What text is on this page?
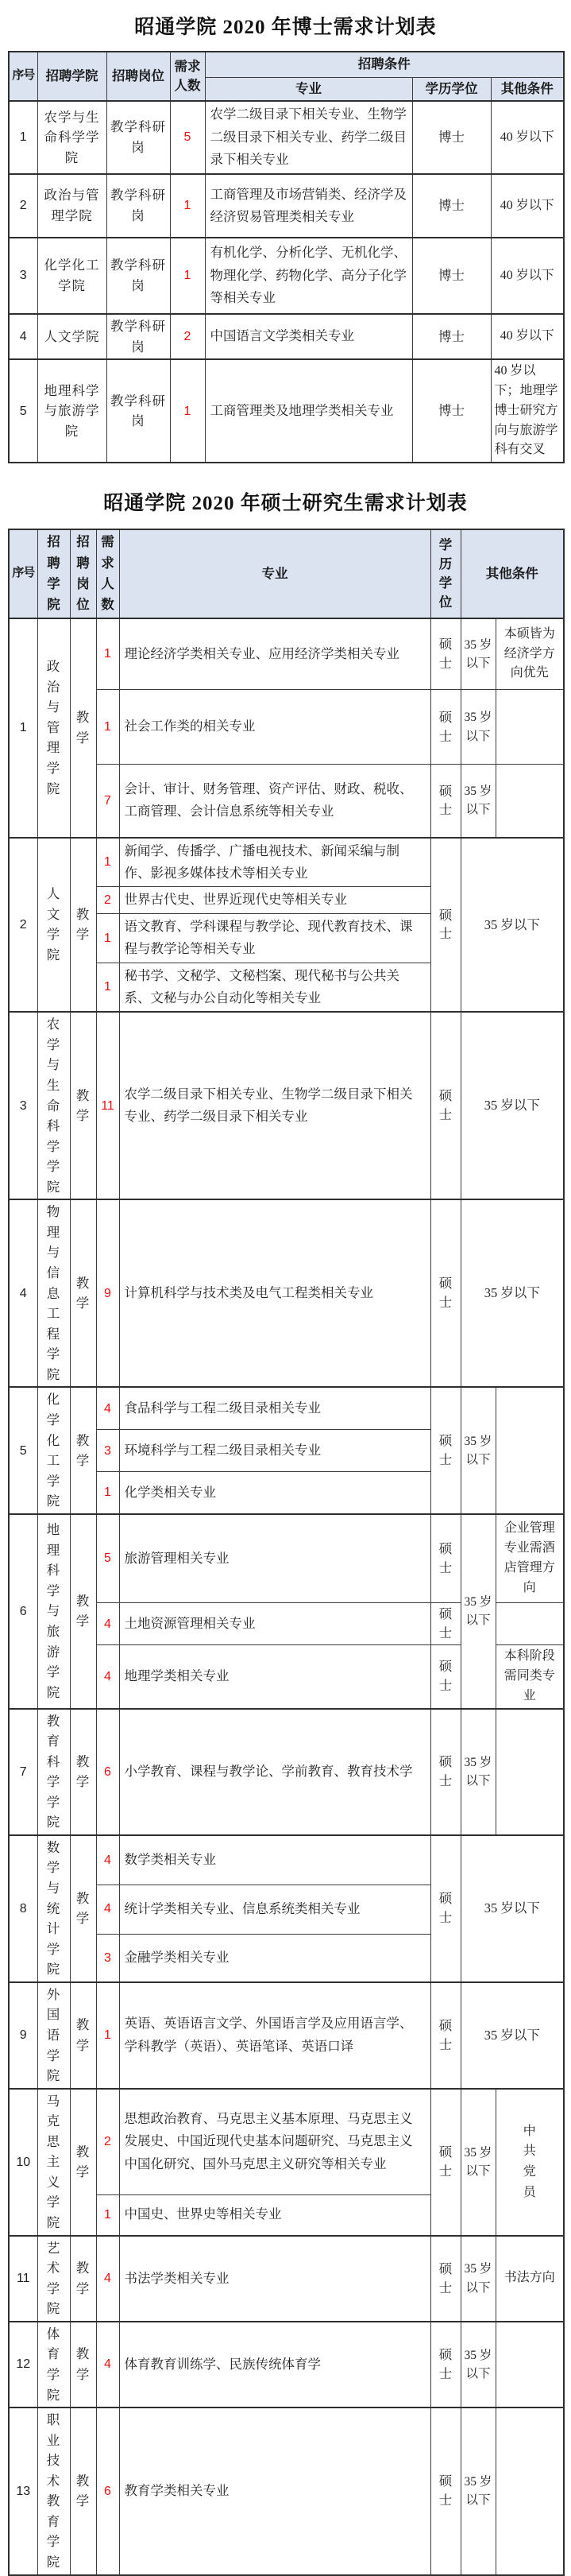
昭通学院 2020 年博士需求计划表
序号	招聘学院	招聘岗位	需求人数	招聘条件		
				专业	学历学位	其他条件
1	农学与生命科学学院	教学科研岗	5	农学二级目录下相关专业、生物学二级目录下相关专业、药学二级目录下相关专业	博士	40 岁以下
2	政治与管理学院	教学科研岗	1	工商管理及市场营销类、经济学及经济贸易管理类相关专业	博士	40 岁以下
3	化学化工学院	教学科研岗	1	有机化学、分析化学、无机化学、物理化学、药物化学、高分子化学等相关专业	博士	40 岁以下
4	人文学院	教学科研岗	2	中国语言文学类相关专业	博士	40 岁以下
5	地理科学与旅游学院	教学科研岗	1	工商管理类及地理学类相关专业	博士	40 岁以下；地理学博士研究方向与旅游学科有交叉
昭通学院 2020 年硕士研究生需求计划表
序号	招聘学院	招聘岗位	需求人数	专业	学历学位	其他条件	
1	政治与管理学院	教学	1	理论经济学类相关专业、应用经济学类相关专业	硕士	35 岁以下	本硕皆为经济学方向优先
			1	社会工作类的相关专业	硕士	35 岁以下	
			7	会计、审计、财务管理、资产评估、财政、税收、工商管理、会计信息系统等相关专业	硕士	35 岁以下	
2	人文学院	教学	1	新闻学、传播学、广播电视技术、新闻采编与制作、影视多媒体技术等相关专业	硕士	35 岁以下	
			2	世界古代史、世界近现代史等相关专业			
			1	语文教育、学科课程与教学论、现代教育技术、课程与教学论等相关专业			
			1	秘书学、文秘学、文秘档案、现代秘书与公共关系、文秘与办公自动化等相关专业			
3	农学与生命科学学院	教学	11	农学二级目录下相关专业、生物学二级目录下相关专业、药学二级目录下相关专业	硕士	35 岁以下	
4	物理与信息工程学院	教学	9	计算机科学与技术类及电气工程类相关专业	硕士	35 岁以下	
5	化学化工学院	教学	4	食品科学与工程二级目录相关专业	硕士	35 岁以下	
			3	环境科学与工程二级目录相关专业			
			1	化学类相关专业			
6	地理科学与旅游学院	教学	5	旅游管理相关专业	硕士	35 岁以下	企业管理专业需酒店管理方向
			4	土地资源管理相关专业	硕士		
			4	地理学类相关专业	硕士		本科阶段需同类专业
7	教育科学学院	教学	6	小学教育、课程与教学论、学前教育、教育技术学	硕士	35 岁以下	
8	数学与统计学院	教学	4	数学类相关专业	硕士	35 岁以下	
			4	统计学类相关专业、信息系统类相关专业			
			3	金融学类相关专业			
9	外国语学院	教学	1	英语、英语语言文学、外国语言学及应用语言学、学科教学（英语）、英语笔译、英语口译	硕士	35 岁以下	
10	马克思主义学院	教学	2	思想政治教育、马克思主义基本原理、马克思主义发展史、中国近现代史基本问题研究、马克思主义中国化研究、国外马克思主义研究等相关专业	硕士	35 岁以下	中共党员
			1	中国史、世界史等相关专业			
11	艺术学院	教学	4	书法学类相关专业	硕士	35 岁以下	书法方向
12	体育学院	教学	4	体育教育训练学、民族传统体育学	硕士	35 岁以下	
13	职业技术教育学院	教学	6	教育学类相关专业	硕士	35 岁以下	
